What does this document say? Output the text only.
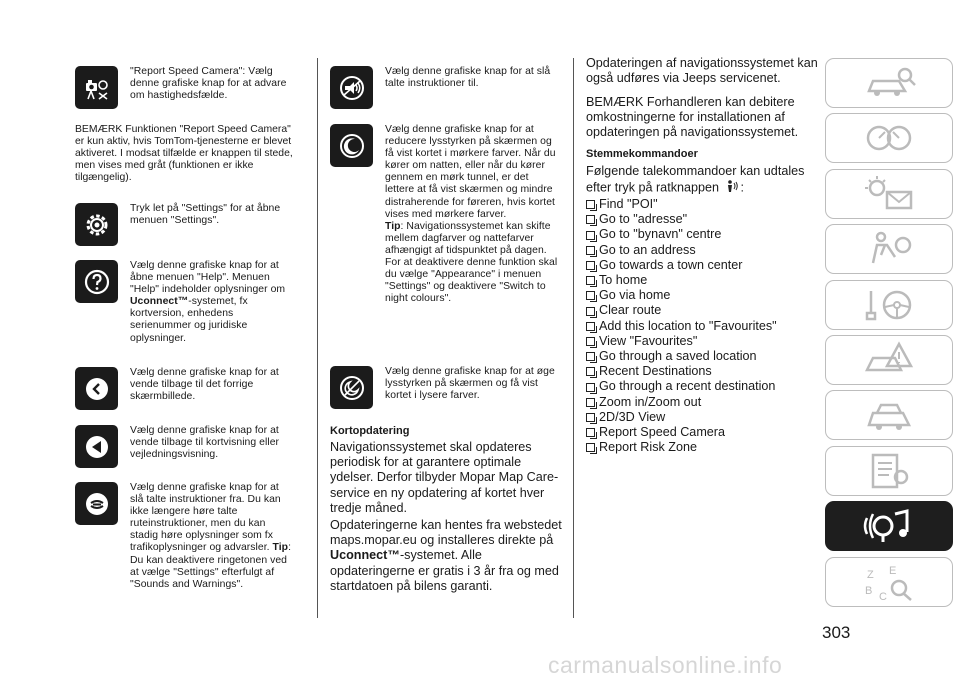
"Report Speed Camera": Vælg denne grafiske knap for at advare om hastighedsfælde.
BEMÆRK Funktionen "Report Speed Camera" er kun aktiv, hvis TomTom-tjenesterne er blevet aktiveret. I modsat tilfælde er knappen til stede, men vises med gråt (funktionen er ikke tilgængelig).
Tryk let på "Settings" for at åbne menuen "Settings".
Vælg denne grafiske knap for at åbne menuen "Help". Menuen "Help" indeholder oplysninger om Uconnect™-systemet, fx kortversion, enhedens serienummer og juridiske oplysninger.
Vælg denne grafiske knap for at vende tilbage til det forrige skærmbillede.
Vælg denne grafiske knap for at vende tilbage til kortvisning eller vejledningsvisning.
Vælg denne grafiske knap for at slå talte instruktioner fra. Du kan ikke længere høre talte ruteinstruktioner, men du kan stadig høre oplysninger som fx trafikoplysninger og advarsler. Tip: Du kan deaktivere ringetonen ved at vælge "Settings" efterfulgt af "Sounds and Warnings".
Vælg denne grafiske knap for at slå talte instruktioner til.
Vælg denne grafiske knap for at reducere lysstyrken på skærmen og få vist kortet i mørkere farver. Når du kører om natten, eller når du kører gennem en mørk tunnel, er det lettere at få vist skærmen og mindre distraherende for føreren, hvis kortet vises med mørkere farver.
Tip: Navigationssystemet kan skifte mellem dagfarver og nattefarver afhængigt af tidspunktet på dagen. For at deaktivere denne funktion skal du vælge "Appearance" i menuen "Settings" og deaktivere "Switch to night colours".
Vælg denne grafiske knap for at øge lysstyrken på skærmen og få vist kortet i lysere farver.
Kortopdatering
Navigationssystemet skal opdateres periodisk for at garantere optimale ydelser. Derfor tilbyder Mopar Map Care-service en ny opdatering af kortet hver tredje måned.
Opdateringerne kan hentes fra webstedet maps.mopar.eu og installeres direkte på Uconnect™-systemet. Alle opdateringerne er gratis i 3 år fra og med startdatoen på bilens garanti.
Opdateringen af navigationssystemet kan også udføres via Jeeps servicenet.
BEMÆRK Forhandleren kan debitere omkostningerne for installationen af opdateringen på navigationssystemet.
Stemmekommandoer
Følgende talekommandoer kan udtales efter tryk på ratknappen :
Find "POI"
Go to "adresse"
Go to "bynavn" centre
Go to an address
Go towards a town center
To home
Go via home
Clear route
Add this location to "Favourites"
View "Favourites"
Go through a saved location
Recent Destinations
Go through a recent destination
Zoom in/Zoom out
2D/3D View
Report Speed Camera
Report Risk Zone
Z E
B C
303
carmanualsonline.info
